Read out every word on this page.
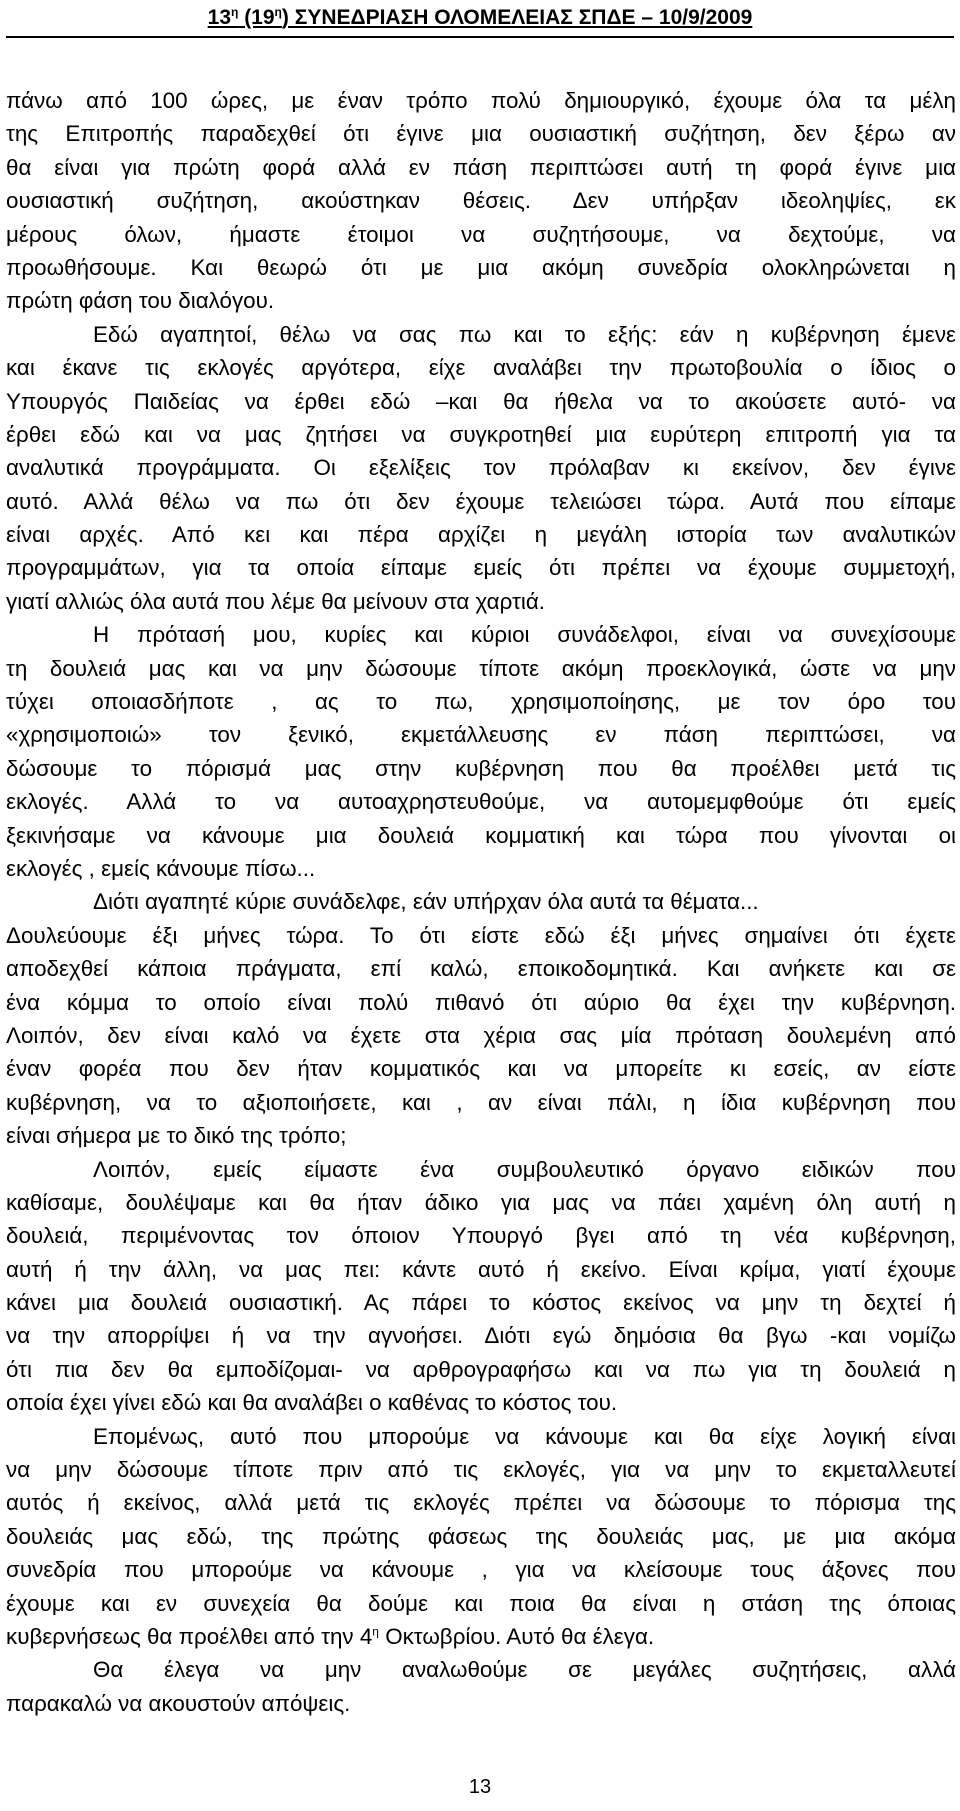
$13^\eta$ $(19^\eta)$ ΣΥΝΕΔΡΙΑΣΗ ΟΛΟΜΕΛΕΙΑΣ ΣΠΔΕ – 10/9/2009
πάνω από 100 ώρες, με έναν τρόπο πολύ δημιουργικό, έχουμε όλα τα μέλη
της Επιτροπής παραδεχθεί ότι έγινε μια ουσιαστική συζήτηση, δεν ξέρω αν
θα είναι για πρώτη φορά αλλά εν πάση περιπτώσει αυτή τη φορά έγινε μια
ουσιαστική συζήτηση, ακούστηκαν θέσεις. Δεν υπήρξαν ιδεοληψίες, εκ
μέρους όλων, ήμαστε έτοιμοι να συζητήσουμε, να δεχτούμε, να
προωθήσουμε. Και θεωρώ ότι με μια ακόμη συνεδρία ολοκληρώνεται η
πρώτη φάση του διαλόγου.
Εδώ αγαπητοί, θέλω να σας πω και το εξής: εάν η κυβέρνηση έμενε
και έκανε τις εκλογές αργότερα, είχε αναλάβει την πρωτοβουλία ο ίδιος ο
Υπουργός Παιδείας να έρθει εδώ –και θα ήθελα να το ακούσετε αυτό- να
έρθει εδώ και να μας ζητήσει να συγκροτηθεί μια ευρύτερη επιτροπή για τα
αναλυτικά προγράμματα. Οι εξελίξεις τον πρόλαβαν κι εκείνον, δεν έγινε
αυτό. Αλλά θέλω να πω ότι δεν έχουμε τελειώσει τώρα. Αυτά που είπαμε
είναι αρχές. Από κει και πέρα αρχίζει η μεγάλη ιστορία των αναλυτικών
προγραμμάτων, για τα οποία είπαμε εμείς ότι πρέπει να έχουμε συμμετοχή,
γιατί αλλιώς όλα αυτά που λέμε θα μείνουν στα χαρτιά.
Η πρότασή μου, κυρίες και κύριοι συνάδελφοι, είναι να συνεχίσουμε
τη δουλειά μας και να μην δώσουμε τίποτε ακόμη προεκλογικά, ώστε να μην
τύχει οποιασδήποτε , ας το πω, χρησιμοποίησης, με τον όρο του
«χρησιμοποιώ» τον ξενικό, εκμετάλλευσης εν πάση περιπτώσει, να
δώσουμε το πόρισμά μας στην κυβέρνηση που θα προέλθει μετά τις
εκλογές. Αλλά το να αυτοαχρηστευθούμε, να αυτομεμφθούμε ότι εμείς
ξεκινήσαμε να κάνουμε μια δουλειά κομματική και τώρα που γίνονται οι
εκλογές , εμείς κάνουμε πίσω...
Διότι αγαπητέ κύριε συνάδελφε, εάν υπήρχαν όλα αυτά τα θέματα...
Δουλεύουμε έξι μήνες τώρα. Το ότι είστε εδώ έξι μήνες σημαίνει ότι έχετε
αποδεχθεί κάποια πράγματα, επί καλώ, εποικοδομητικά. Και ανήκετε και σε
ένα κόμμα το οποίο είναι πολύ πιθανό ότι αύριο θα έχει την κυβέρνηση.
Λοιπόν, δεν είναι καλό να έχετε στα χέρια σας μία πρόταση δουλεμένη από
έναν φορέα που δεν ήταν κομματικός και να μπορείτε κι εσείς, αν είστε
κυβέρνηση, να το αξιοποιήσετε, και , αν είναι πάλι, η ίδια κυβέρνηση που
είναι σήμερα με το δικό της τρόπο;
Λοιπόν, εμείς είμαστε ένα συμβουλευτικό όργανο ειδικών που
καθίσαμε, δουλέψαμε και θα ήταν άδικο για μας να πάει χαμένη όλη αυτή η
δουλειά, περιμένοντας τον όποιον Υπουργό βγει από τη νέα κυβέρνηση,
αυτή ή την άλλη, να μας πει: κάντε αυτό ή εκείνο. Είναι κρίμα, γιατί έχουμε
κάνει μια δουλειά ουσιαστική. Ας πάρει το κόστος εκείνος να μην τη δεχτεί ή
να την απορρίψει ή να την αγνοήσει. Διότι εγώ δημόσια θα βγω -και νομίζω
ότι πια δεν θα εμποδίζομαι- να αρθρογραφήσω και να πω για τη δουλειά η
οποία έχει γίνει εδώ και θα αναλάβει ο καθένας το κόστος του.
Επομένως, αυτό που μπορούμε να κάνουμε και θα είχε λογική είναι
να μην δώσουμε τίποτε πριν από τις εκλογές, για να μην το εκμεταλλευτεί
αυτός ή εκείνος, αλλά μετά τις εκλογές πρέπει να δώσουμε το πόρισμα της
δουλειάς μας εδώ, της πρώτης φάσεως της δουλειάς μας, με μια ακόμα
συνεδρία που μπορούμε να κάνουμε , για να κλείσουμε τους άξονες που
έχουμε και εν συνεχεία θα δούμε και ποια θα είναι η στάση της όποιας
κυβερνήσεως θα προέλθει από την $4^\eta$ Οκτωβρίου. Αυτό θα έλεγα.
Θα έλεγα να μην αναλωθούμε σε μεγάλες συζητήσεις, αλλά
παρακαλώ να ακουστούν απόψεις.
13
